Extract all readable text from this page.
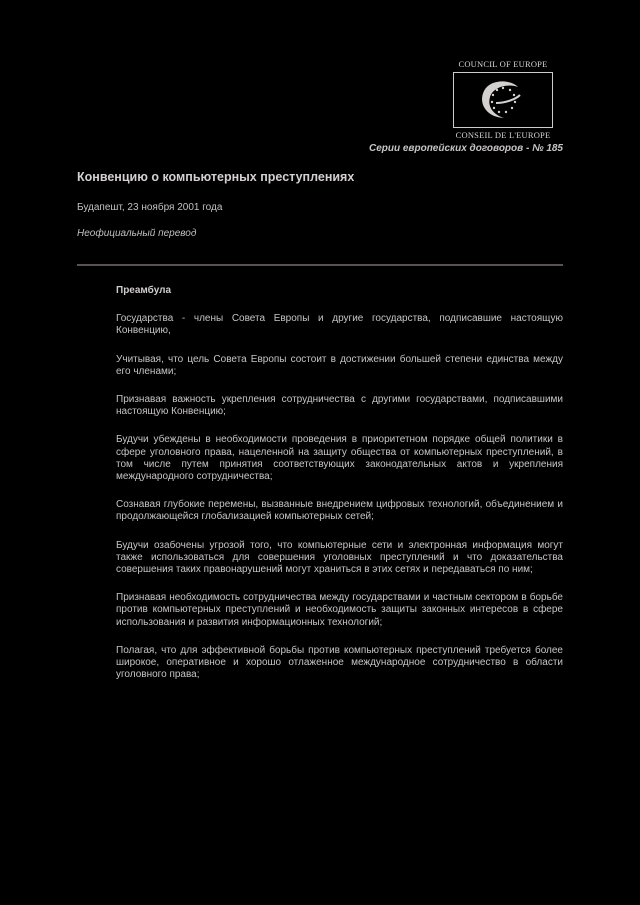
COUNCIL OF EUROPE
CONSEIL DE L'EUROPE
Серии европейских договоров - № 185
Конвенцию о компьютерных преступлениях
Будапешт, 23 ноября 2001 года
Неофициальный перевод

Преамбула

Государства - члены Совета Европы и другие государства, подписавшие настоящую Конвенцию,

Учитывая, что цель Совета Европы состоит в достижении большей степени единства между его членами;

Признавая важность укрепления сотрудничества с другими государствами, подписавшими настоящую Конвенцию;

Будучи убеждены в необходимости проведения в приоритетном порядке общей политики в сфере уголовного права, нацеленной на защиту общества от компьютерных преступлений, в том числе путем принятия соответствующих законодательных актов и укрепления международного сотрудничества;

Сознавая глубокие перемены, вызванные внедрением цифровых технологий, объединением и продолжающейся глобализацией компьютерных сетей;

Будучи озабочены угрозой того, что компьютерные сети и электронная информация могут также использоваться для совершения уголовных преступлений и что доказательства совершения таких правонарушений могут храниться в этих сетях и передаваться по ним;

Признавая необходимость сотрудничества между государствами и частным сектором в борьбе против компьютерных преступлений и необходимость защиты законных интересов в сфере использования и развития информационных технологий;

Полагая, что для эффективной борьбы против компьютерных преступлений требуется более широкое, оперативное и хорошо отлаженное международное сотрудничество в области уголовного права;
